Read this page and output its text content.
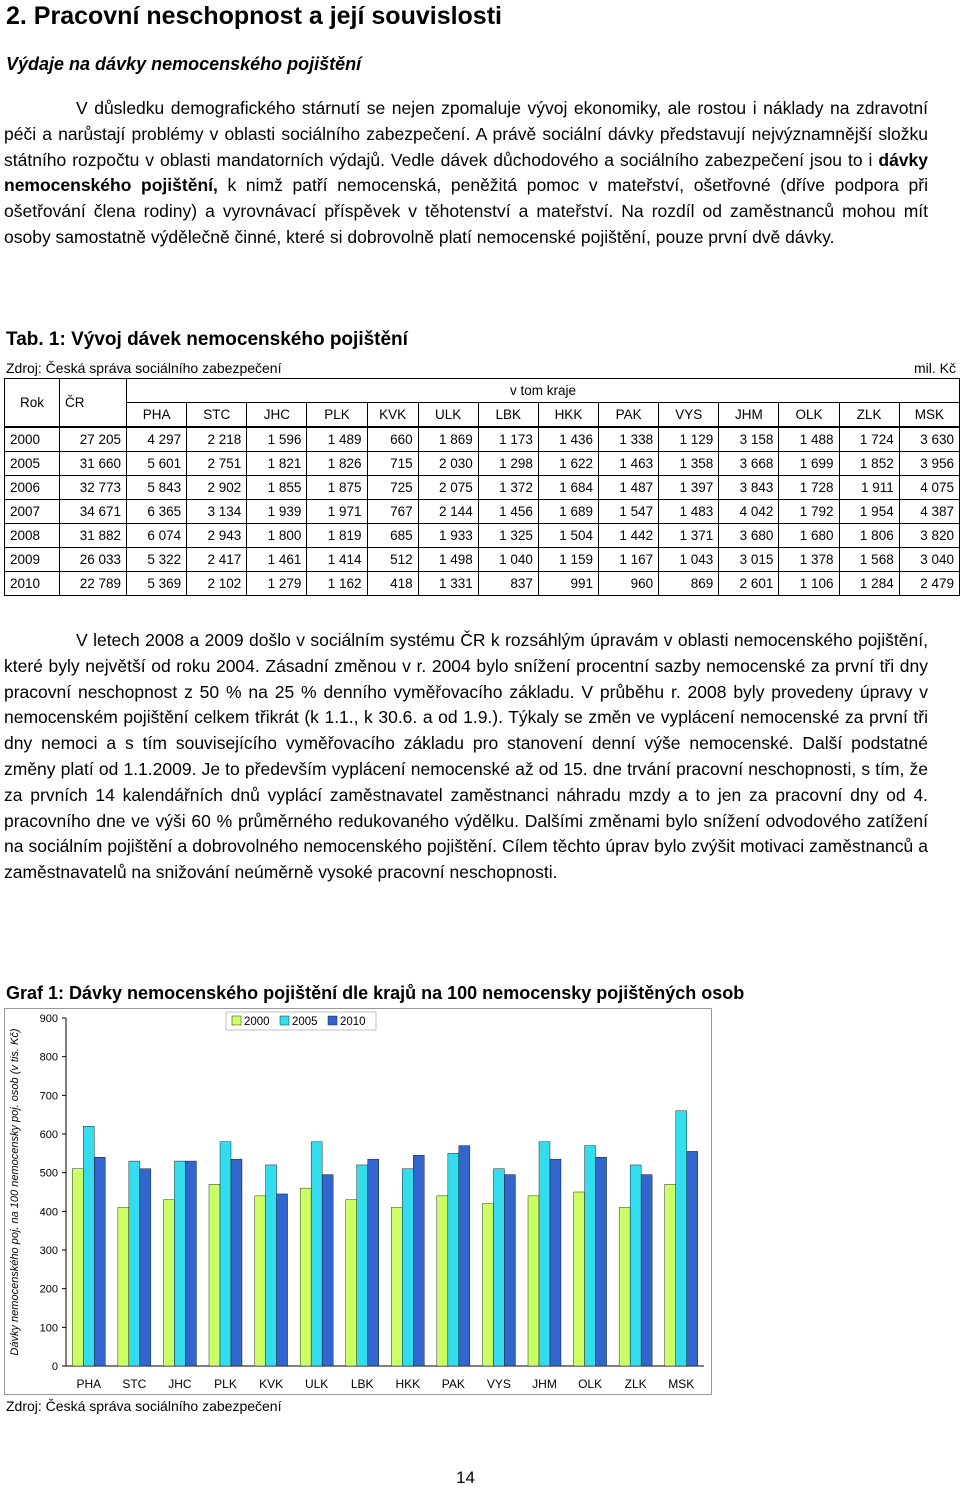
2. Pracovní neschopnost a její souvislosti
Výdaje na dávky nemocenského pojištění

V důsledku demografického stárnutí se nejen zpomaluje vývoj ekonomiky, ale rostou i náklady na zdravotní péči a narůstají problémy v oblasti sociálního zabezpečení. A právě sociální dávky představují nejvýznamnější složku státního rozpočtu v oblasti mandatorních výdajů. Vedle dávek důchodového a sociálního zabezpečení jsou to i dávky nemocenského pojištění, k nimž patří nemocenská, peněžitá pomoc v mateřství, ošetřovné (dříve podpora při ošetřování člena rodiny) a vyrovnávací příspěvek v těhotenství a mateřství. Na rozdíl od zaměstnanců mohou mít osoby samostatně výdělečně činné, které si dobrovolně platí nemocenské pojištění, pouze první dvě dávky.

Tab. 1: Vývoj dávek nemocenského pojištění
Zdroj: Česká správa sociálního zabezpečení	mil. Kč
Rok	ČR	v tom kraje													
		PHA	STC	JHC	PLK	KVK	ULK	LBK	HKK	PAK	VYS	JHM	OLK	ZLK	MSK
2000	27 205	4 297	2 218	1 596	1 489	660	1 869	1 173	1 436	1 338	1 129	3 158	1 488	1 724	3 630
2005	31 660	5 601	2 751	1 821	1 826	715	2 030	1 298	1 622	1 463	1 358	3 668	1 699	1 852	3 956
2006	32 773	5 843	2 902	1 855	1 875	725	2 075	1 372	1 684	1 487	1 397	3 843	1 728	1 911	4 075
2007	34 671	6 365	3 134	1 939	1 971	767	2 144	1 456	1 689	1 547	1 483	4 042	1 792	1 954	4 387
2008	31 882	6 074	2 943	1 800	1 819	685	1 933	1 325	1 504	1 442	1 371	3 680	1 680	1 806	3 820
2009	26 033	5 322	2 417	1 461	1 414	512	1 498	1 040	1 159	1 167	1 043	3 015	1 378	1 568	3 040
2010	22 789	5 369	2 102	1 279	1 162	418	1 331	837	991	960	869	2 601	1 106	1 284	2 479

V letech 2008 a 2009 došlo v sociálním systému ČR k rozsáhlým úpravám v oblasti nemocenského pojištění, které byly největší od roku 2004. Zásadní změnou v r. 2004 bylo snížení procentní sazby nemocenské za první tři dny pracovní neschopnost z 50 % na 25 % denního vyměřovacího základu. V průběhu r. 2008 byly provedeny úpravy v nemocenském pojištění celkem třikrát (k 1.1., k 30.6. a od 1.9.). Týkaly se změn ve vyplácení nemocenské za první tři dny nemoci a s tím souvisejícího vyměřovacího základu pro stanovení denní výše nemocenské. Další podstatné změny platí od 1.1.2009. Je to především vyplácení nemocenské až od 15. dne trvání pracovní neschopnosti, s tím, že za prvních 14 kalendářních dnů vyplácí zaměstnavatel zaměstnanci náhradu mzdy a to jen za pracovní dny od 4. pracovního dne ve výši 60 % průměrného redukovaného výdělku. Dalšími změnami bylo snížení odvodového zatížení na sociálním pojištění a dobrovolného nemocenského pojištění. Cílem těchto úprav bylo zvýšit motivaci zaměstnanců a zaměstnavatelů na snižování neúměrně vysoké pracovní neschopnosti.

Graf 1: Dávky nemocenského pojištění dle krajů na 100 nemocensky pojištěných osob
0
100
200
300
400
500
600
700
800
900
Dávky nemocenského poj. na 100 nemocensky poj. osob (v tis. Kč)
PHA STC JHC PLK KVK ULK LBK HKK PAK VYS JHM OLK ZLK MSK
2000 2005 2010
Zdroj: Česká správa sociálního zabezpečení
14
